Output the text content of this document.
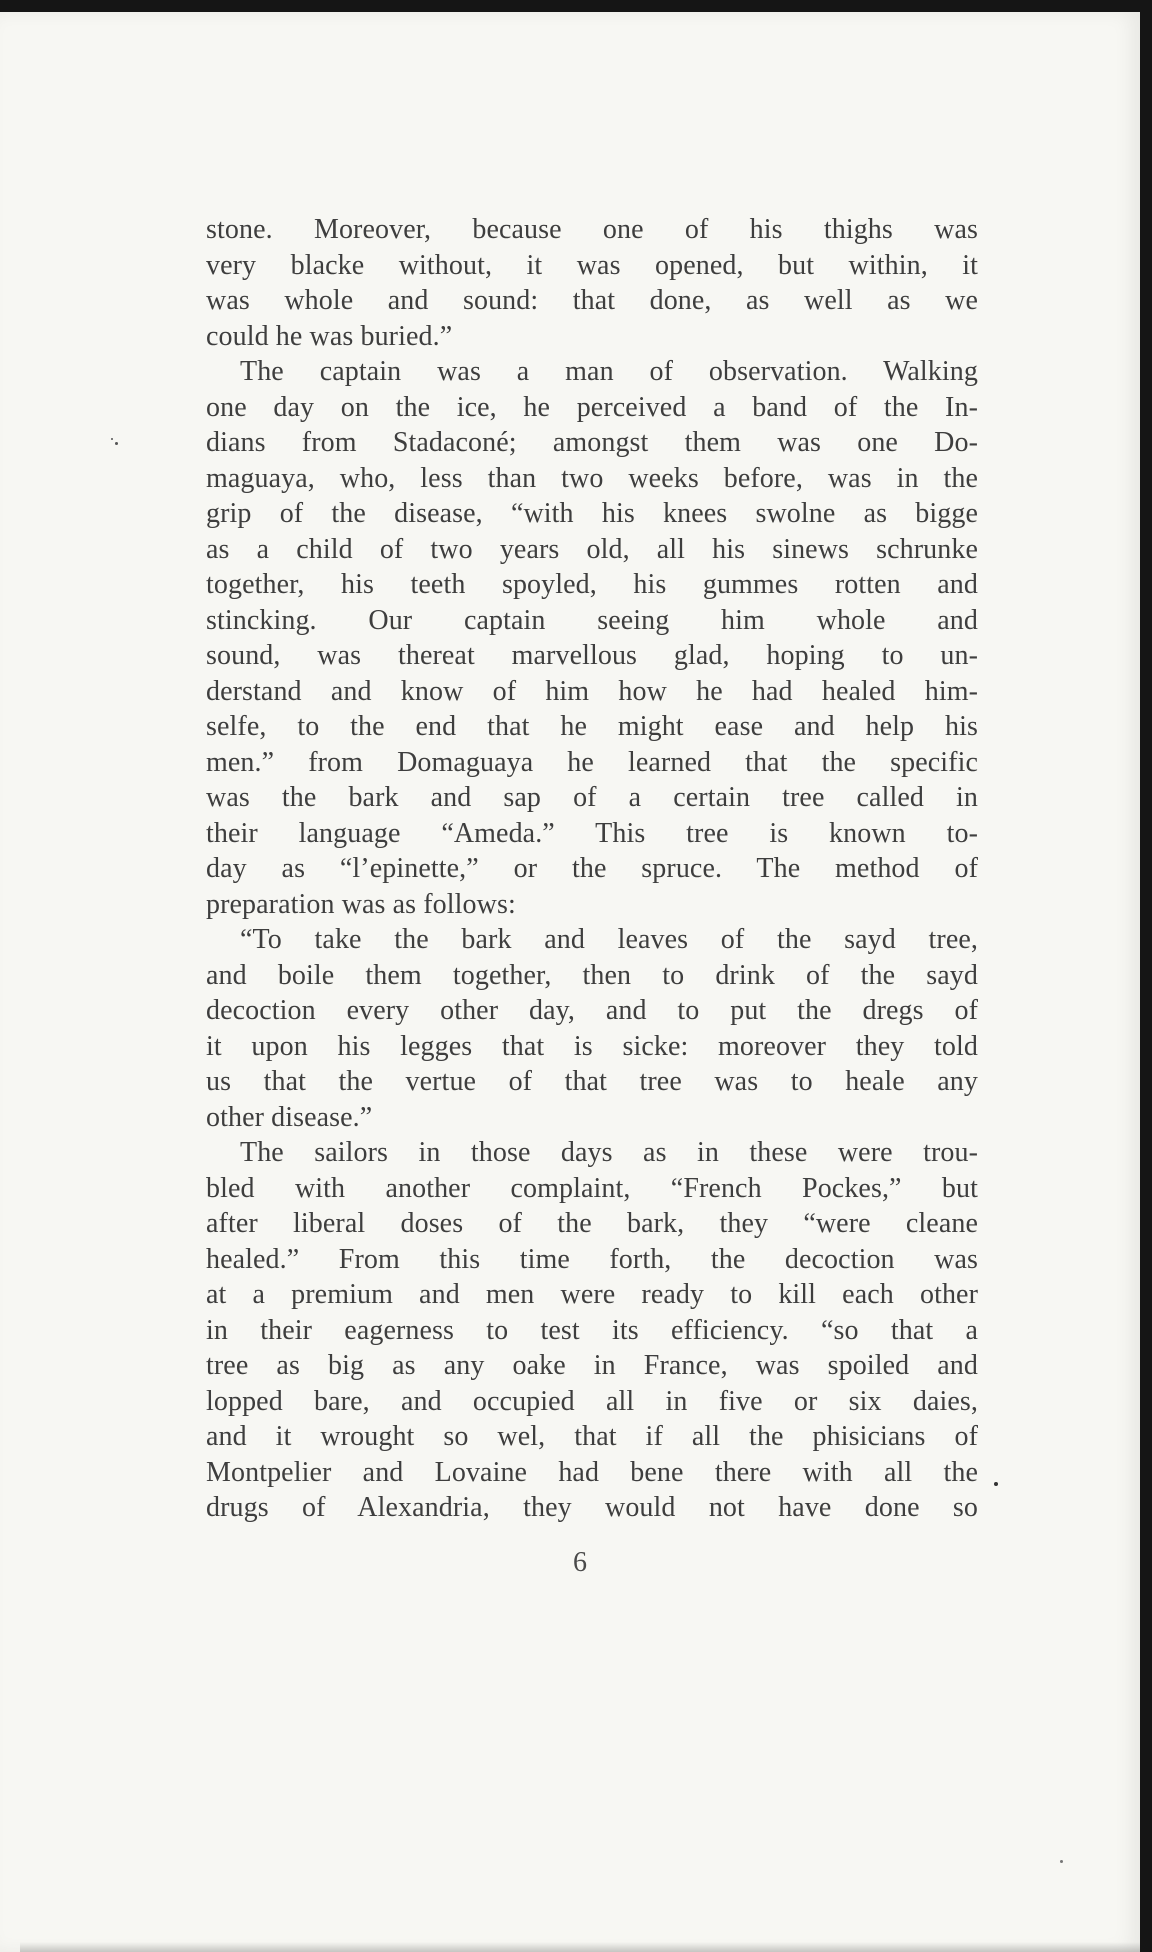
stone. Moreover, because one of his thighs was
very blacke without, it was opened, but within, it
was whole and sound: that done, as well as we
could he was buried.”
The captain was a man of observation. Walking
one day on the ice, he perceived a band of the In-
dians from Stadaconé; amongst them was one Do-
maguaya, who, less than two weeks before, was in the
grip of the disease, “with his knees swolne as bigge
as a child of two years old, all his sinews schrunke
together, his teeth spoyled, his gummes rotten and
stincking. Our captain seeing him whole and
sound, was thereat marvellous glad, hoping to un-
derstand and know of him how he had healed him-
selfe, to the end that he might ease and help his
men.” from Domaguaya he learned that the specific
was the bark and sap of a certain tree called in
their language “Ameda.” This tree is known to-
day as “l’epinette,” or the spruce. The method of
preparation was as follows:
“To take the bark and leaves of the sayd tree,
and boile them together, then to drink of the sayd
decoction every other day, and to put the dregs of
it upon his legges that is sicke: moreover they told
us that the vertue of that tree was to heale any
other disease.”
The sailors in those days as in these were trou-
bled with another complaint, “French Pockes,” but
after liberal doses of the bark, they “were cleane
healed.” From this time forth, the decoction was
at a premium and men were ready to kill each other
in their eagerness to test its efficiency. “so that a
tree as big as any oake in France, was spoiled and
lopped bare, and occupied all in five or six daies,
and it wrought so wel, that if all the phisicians of
Montpelier and Lovaine had bene there with all the
drugs of Alexandria, they would not have done so
6
